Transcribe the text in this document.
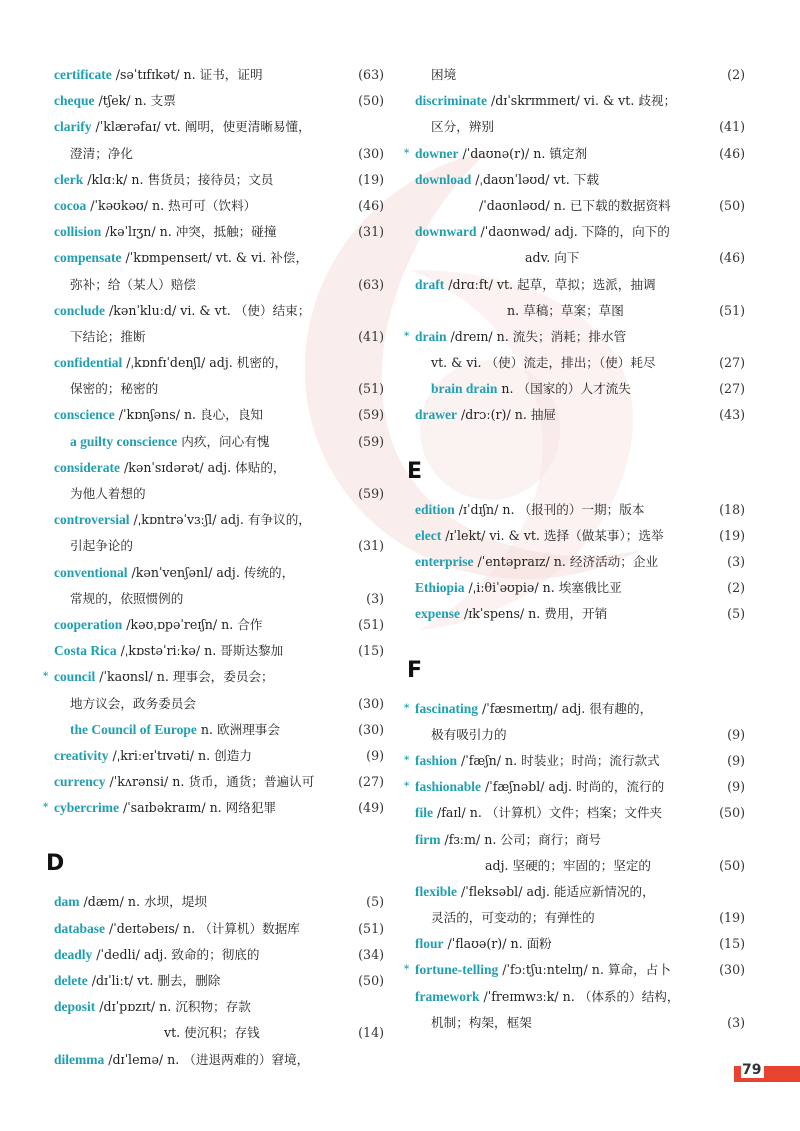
certificate /səˈtɪfɪkət/ n. 证书，证明	(63)
cheque /tʃek/ n. 支票	(50)
clarify /ˈklærəfaɪ/ vt. 阐明，使更清晰易懂，
澄清；净化	(30)
clerk /klɑːk/ n. 售货员；接待员；文员	(19)
cocoa /ˈkəʊkəʊ/ n. 热可可（饮料）	(46)
collision /kəˈlɪʒn/ n. 冲突，抵触；碰撞	(31)
compensate /ˈkɒmpenseɪt/ vt. & vi. 补偿，
弥补；给（某人）赔偿	(63)
conclude /kənˈkluːd/ vi. & vt. （使）结束；
下结论；推断	(41)
confidential /ˌkɒnfɪˈdenʃl/ adj. 机密的，
保密的；秘密的	(51)
conscience /ˈkɒnʃəns/ n. 良心，良知	(59)
a guilty conscience 内疚，问心有愧	(59)
considerate /kənˈsɪdərət/ adj. 体贴的，
为他人着想的	(59)
controversial /ˌkɒntrəˈvɜːʃl/ adj. 有争议的，
引起争论的	(31)
conventional /kənˈvenʃənl/ adj. 传统的，
常规的，依照惯例的	(3)
cooperation /kəʊˌɒpəˈreɪʃn/ n. 合作	(51)
Costa Rica /ˌkɒstəˈriːkə/ n. 哥斯达黎加	(15)
* council /ˈkaʊnsl/ n. 理事会，委员会；
地方议会，政务委员会	(30)
the Council of Europe n. 欧洲理事会	(30)
creativity /ˌkriːeɪˈtɪvəti/ n. 创造力	(9)
currency /ˈkʌrənsi/ n. 货币，通货；普遍认可	(27)
* cybercrime /ˈsaɪbəkraɪm/ n. 网络犯罪	(49)
D
dam /dæm/ n. 水坝，堤坝	(5)
database /ˈdeɪtəbeɪs/ n. （计算机）数据库	(51)
deadly /ˈdedli/ adj. 致命的；彻底的	(34)
delete /dɪˈliːt/ vt. 删去，删除	(50)
deposit /dɪˈpɒzɪt/ n. 沉积物；存款
vt. 使沉积；存钱	(14)
dilemma /dɪˈlemə/ n. （进退两难的）窘境，
困境	(2)
discriminate /dɪˈskrɪmɪneɪt/ vi. & vt. 歧视；
区分，辨别	(41)
* downer /ˈdaʊnə(r)/ n. 镇定剂	(46)
download /ˌdaʊnˈləʊd/ vt. 下载
/ˈdaʊnləʊd/ n. 已下载的数据资料	(50)
downward /ˈdaʊnwəd/ adj. 下降的，向下的
adv. 向下	(46)
draft /drɑːft/ vt. 起草，草拟；选派，抽调
n. 草稿；草案；草图	(51)
* drain /dreɪn/ n. 流失；消耗；排水管
vt. & vi. （使）流走，排出；（使）耗尽	(27)
brain drain n. （国家的）人才流失	(27)
drawer /drɔː(r)/ n. 抽屉	(43)
E
edition /ɪˈdɪʃn/ n. （报刊的）一期；版本	(18)
elect /ɪˈlekt/ vi. & vt. 选择（做某事）；选举	(19)
enterprise /ˈentəpraɪz/ n. 经济活动；企业	(3)
Ethiopia /ˌiːθiˈəʊpiə/ n. 埃塞俄比亚	(2)
expense /ɪkˈspens/ n. 费用，开销	(5)
F
* fascinating /ˈfæsɪneɪtɪŋ/ adj. 很有趣的，
极有吸引力的	(9)
* fashion /ˈfæʃn/ n. 时装业；时尚；流行款式	(9)
* fashionable /ˈfæʃnəbl/ adj. 时尚的，流行的	(9)
file /faɪl/ n. （计算机）文件；档案；文件夹	(50)
firm /fɜːm/ n. 公司；商行；商号
adj. 坚硬的；牢固的；坚定的	(50)
flexible /ˈfleksəbl/ adj. 能适应新情况的，
灵活的，可变动的；有弹性的	(19)
flour /ˈflaʊə(r)/ n. 面粉	(15)
* fortune-telling /ˈfɔːtʃuːntelɪŋ/ n. 算命，占卜	(30)
framework /ˈfreɪmwɜːk/ n. （体系的）结构，
机制；构架，框架	(3)
79
